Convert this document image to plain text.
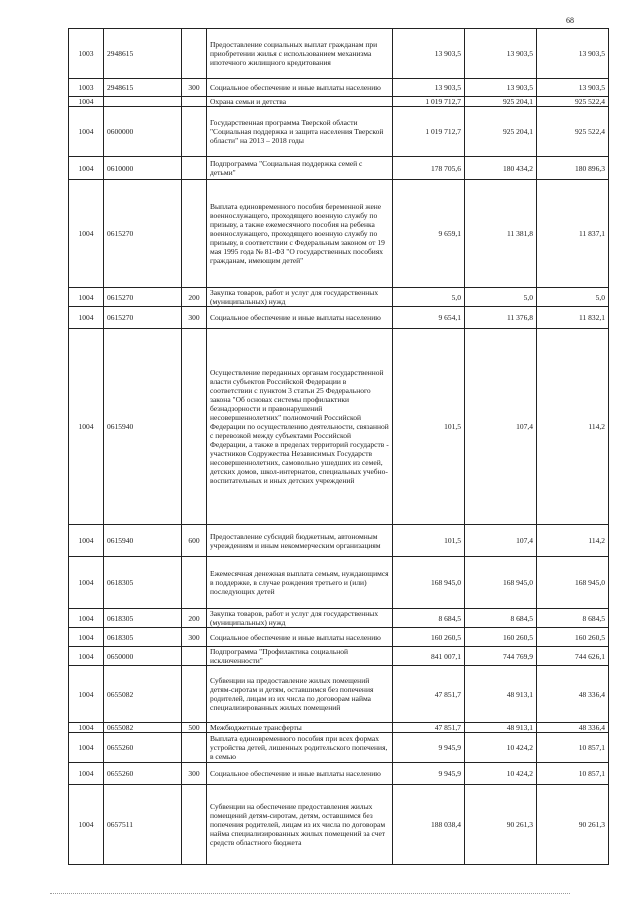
68
1003	2948615		Предоставление социальных выплат гражданам при приобретении жилья с использованием механизма ипотечного жилищного кредитования	13 903,5	13 903,5	13 903,5
1003	2948615	300	Социальное обеспечение и иные выплаты населению	13 903,5	13 903,5	13 903,5
1004			Охрана семьи и детства	1 019 712,7	925 204,1	925 522,4
1004	0600000		Государственная программа Тверской области "Социальная поддержка и защита населения Тверской области" на 2013 – 2018 годы	1 019 712,7	925 204,1	925 522,4
1004	0610000		Подпрограмма "Социальная поддержка семей с детьми"	178 705,6	180 434,2	180 896,3
1004	0615270		Выплата единовременного пособия беременной жене военнослужащего, проходящего военную службу по призыву, а также ежемесячного пособия на ребенка военнослужащего, проходящего военную службу по призыву, в соответствии с Федеральным законом от 19 мая 1995 года № 81-ФЗ "О государственных пособиях гражданам, имеющим детей"	9 659,1	11 381,8	11 837,1
1004	0615270	200	Закупка товаров, работ и услуг для государственных (муниципальных) нужд	5,0	5,0	5,0
1004	0615270	300	Социальное обеспечение и иные выплаты населению	9 654,1	11 376,8	11 832,1
1004	0615940		Осуществление переданных органам государственной власти субъектов Российской Федерации в соответствии с пунктом 3 статьи 25 Федерального закона "Об основах системы профилактики безнадзорности и правонарушений несовершеннолетних" полномочий Российской Федерации по осуществлению деятельности, связанной с перевозкой между субъектами Российской Федерации, а также в пределах территорий государств - участников Содружества Независимых Государств несовершеннолетних, самовольно ушедших из семей, детских домов, школ-интернатов, специальных учебно-воспитательных и иных детских учреждений	101,5	107,4	114,2
1004	0615940	600	Предоставление субсидий бюджетным, автономным учреждениям и иным некоммерческим организациям	101,5	107,4	114,2
1004	0618305		Ежемесячная денежная выплата семьям, нуждающимся в поддержке, в случае рождения третьего и (или) последующих детей	168 945,0	168 945,0	168 945,0
1004	0618305	200	Закупка товаров, работ и услуг для государственных (муниципальных) нужд	8 684,5	8 684,5	8 684,5
1004	0618305	300	Социальное обеспечение и иные выплаты населению	160 260,5	160 260,5	160 260,5
1004	0650000		Подпрограмма "Профилактика социальной исключенности"	841 007,1	744 769,9	744 626,1
1004	0655082		Субвенции на предоставление жилых помещений детям-сиротам и детям, оставшимся без попечения родителей, лицам из их числа по договорам найма специализированных жилых помещений	47 851,7	48 913,1	48 336,4
1004	0655082	500	Межбюджетные трансферты	47 851,7	48 913,1	48 336,4
1004	0655260		Выплата единовременного пособия при всех формах устройства детей, лишенных родительского попечения, в семью	9 945,9	10 424,2	10 857,1
1004	0655260	300	Социальное обеспечение и иные выплаты населению	9 945,9	10 424,2	10 857,1
1004	0657511		Субвенции на обеспечение предоставления жилых помещений детям-сиротам, детям, оставшимся без попечения родителей, лицам из их числа по договорам найма специализированных жилых помещений за счет средств областного бюджета	188 038,4	90 261,3	90 261,3
